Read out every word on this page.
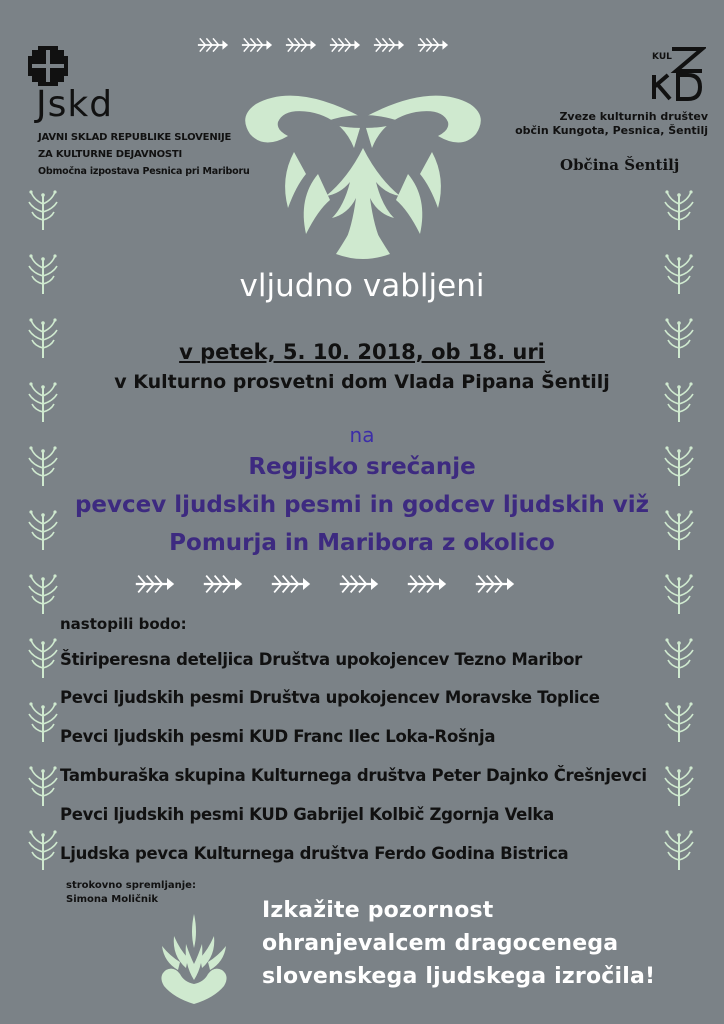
Jskd
JAVNI SKLAD REPUBLIKE SLOVENIJE
ZA KULTURNE DEJAVNOSTI
Območna izpostava Pesnica pri Mariboru
KUL
Zveze kulturnih društev
občin Kungota, Pesnica, Šentilj
Občina Šentilj
vljudno vabljeni
v petek, 5. 10. 2018, ob 18. uri
v Kulturno prosvetni dom Vlada Pipana Šentilj
na
Regijsko srečanje
pevcev ljudskih pesmi in godcev ljudskih viž
Pomurja in Maribora z okolico
nastopili bodo:
Štiriperesna deteljica Društva upokojencev Tezno Maribor
Pevci ljudskih pesmi Društva upokojencev Moravske Toplice
Pevci ljudskih pesmi KUD Franc Ilec Loka-Rošnja
Tamburaška skupina Kulturnega društva Peter Dajnko Črešnjevci
Pevci ljudskih pesmi KUD Gabrijel Kolbič Zgornja Velka
Ljudska pevca Kulturnega društva Ferdo Godina Bistrica
strokovno spremljanje:
Simona Moličnik	Izkažite pozornost
ohranjevalcem dragocenega
slovenskega ljudskega izročila!
